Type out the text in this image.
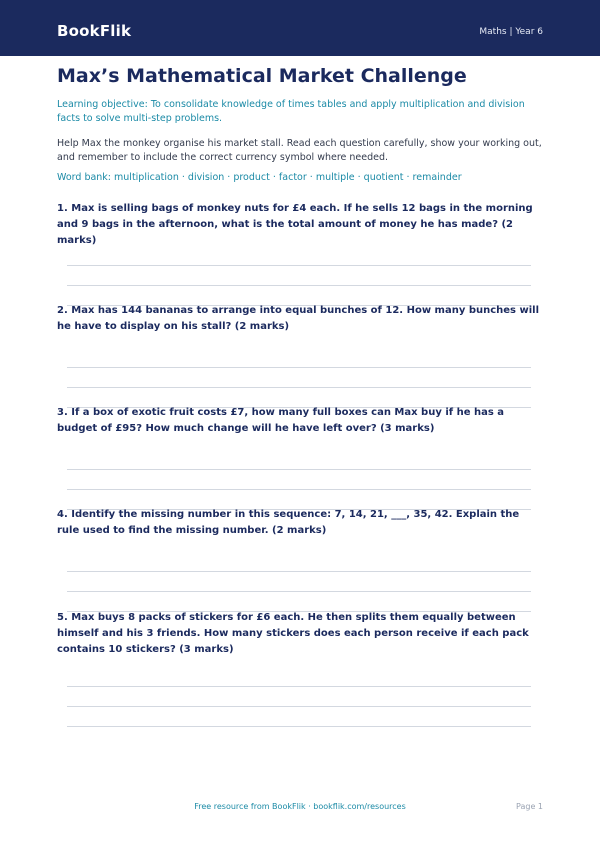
BookFlik	Maths | Year 6
Max’s Mathematical Market Challenge
Learning objective: To consolidate knowledge of times tables and apply multiplication and division facts to solve multi-step problems.
Help Max the monkey organise his market stall. Read each question carefully, show your working out, and remember to include the correct currency symbol where needed.
Word bank: multiplication · division · product · factor · multiple · quotient · remainder
1. Max is selling bags of monkey nuts for £4 each. If he sells 12 bags in the morning and 9 bags in the afternoon, what is the total amount of money he has made? (2 marks)
2. Max has 144 bananas to arrange into equal bunches of 12. How many bunches will he have to display on his stall? (2 marks)
3. If a box of exotic fruit costs £7, how many full boxes can Max buy if he has a budget of £95? How much change will he have left over? (3 marks)
4. Identify the missing number in this sequence: 7, 14, 21, ___, 35, 42. Explain the rule used to find the missing number. (2 marks)
5. Max buys 8 packs of stickers for £6 each. He then splits them equally between himself and his 3 friends. How many stickers does each person receive if each pack contains 10 stickers? (3 marks)
Free resource from BookFlik · bookflik.com/resources	Page 1
